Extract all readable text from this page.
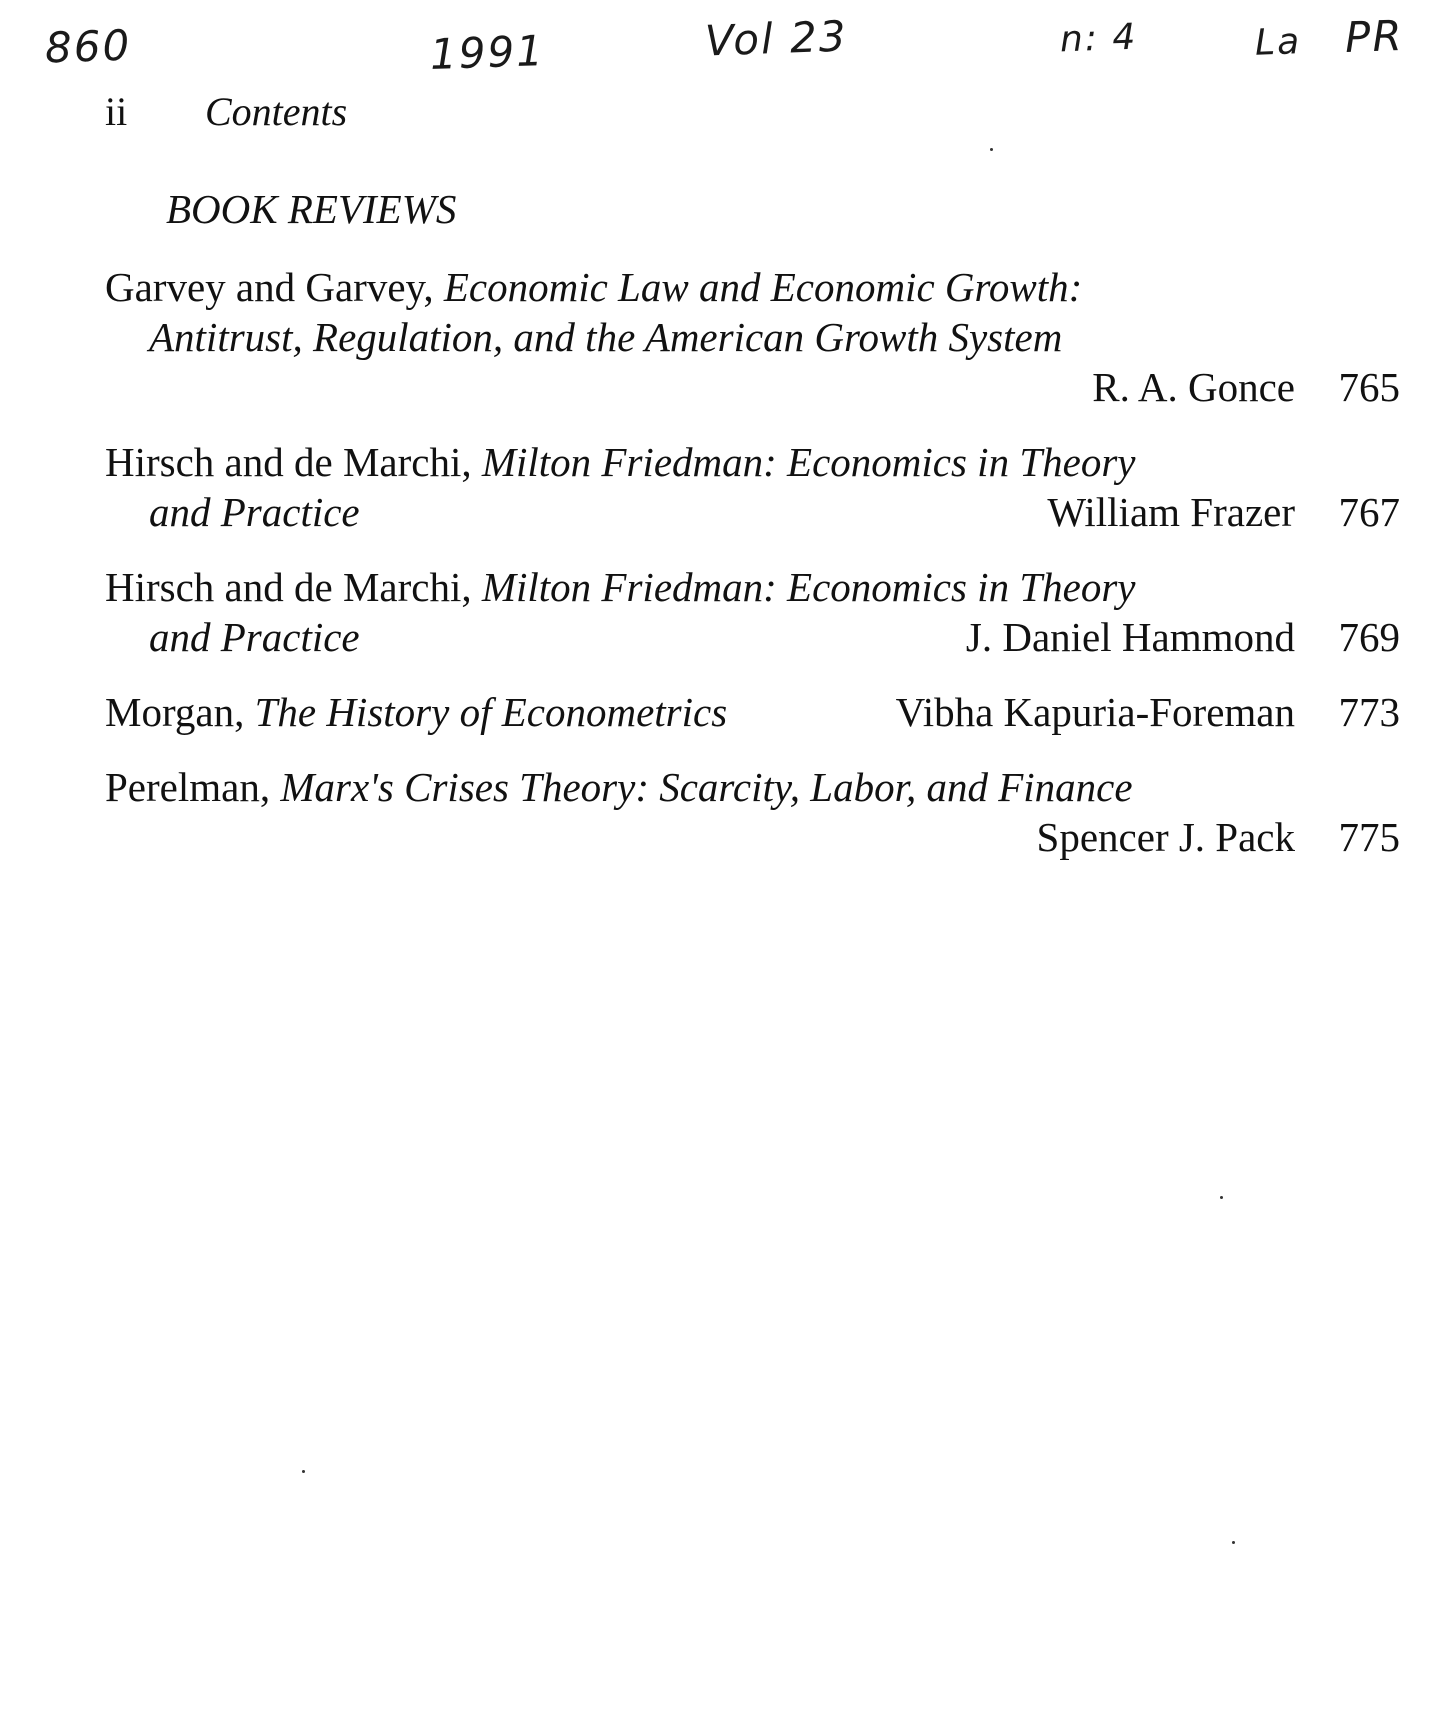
860	1991	Vol 23	n: 4	La PR
ii Contents
BOOK REVIEWS
Garvey and Garvey, Economic Law and Economic Growth:
Antitrust, Regulation, and the American Growth System
R. A. Gonce 765
Hirsch and de Marchi, Milton Friedman: Economics in Theory
and Practice	William Frazer 767
Hirsch and de Marchi, Milton Friedman: Economics in Theory
and Practice	J. Daniel Hammond 769
Morgan, The History of Econometrics	Vibha Kapuria-Foreman 773
Perelman, Marx's Crises Theory: Scarcity, Labor, and Finance
Spencer J. Pack 775
